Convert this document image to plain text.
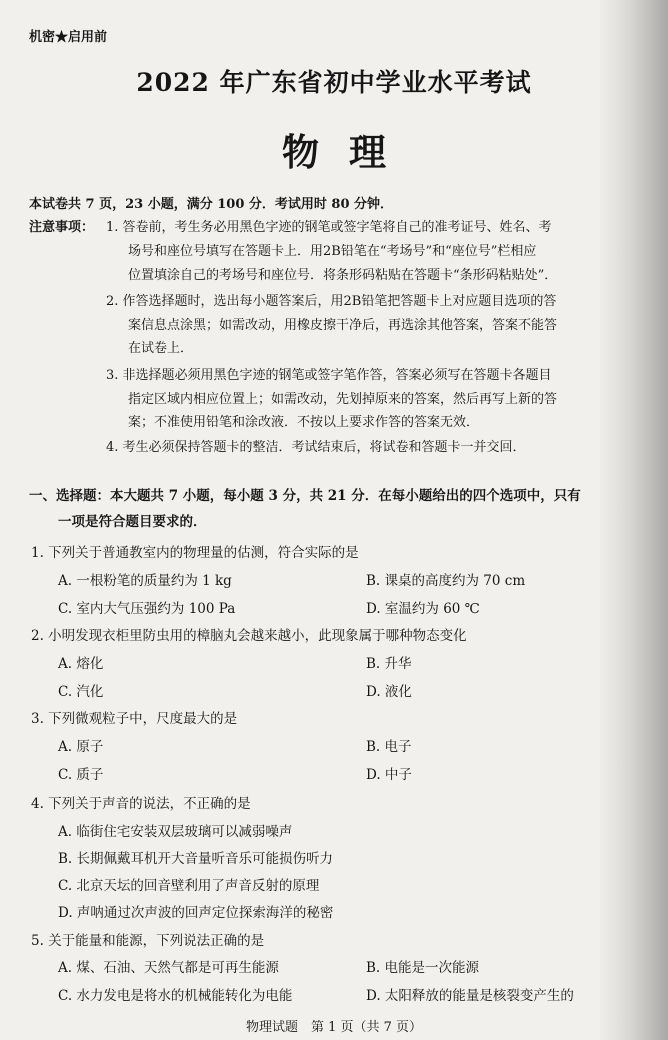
机密★启用前
2022 年广东省初中学业水平考试
物理
本试卷共 7 页，23 小题，满分 100 分．考试用时 80 分钟．
注意事项： 1. 答卷前，考生务必用黑色字迹的钢笔或签字笔将自己的准考证号、姓名、考
场号和座位号填写在答题卡上．用2B铅笔在“考场号”和“座位号”栏相应
位置填涂自己的考场号和座位号．将条形码粘贴在答题卡“条形码粘贴处”．
2. 作答选择题时，选出每小题答案后，用2B铅笔把答题卡上对应题目选项的答
案信息点涂黑；如需改动，用橡皮擦干净后，再选涂其他答案，答案不能答
在试卷上．
3. 非选择题必须用黑色字迹的钢笔或签字笔作答，答案必须写在答题卡各题目
指定区域内相应位置上；如需改动，先划掉原来的答案，然后再写上新的答
案；不准使用铅笔和涂改液．不按以上要求作答的答案无效．
4. 考生必须保持答题卡的整洁．考试结束后，将试卷和答题卡一并交回．
一、选择题：本大题共 7 小题，每小题 3 分，共 21 分．在每小题给出的四个选项中，只有
一项是符合题目要求的．
1. 下列关于普通教室内的物理量的估测，符合实际的是
A. 一根粉笔的质量约为 1 kg	B. 课桌的高度约为 70 cm
C. 室内大气压强约为 100 Pa	D. 室温约为 60 ℃
2. 小明发现衣柜里防虫用的樟脑丸会越来越小，此现象属于哪种物态变化
A. 熔化	B. 升华
C. 汽化	D. 液化
3. 下列微观粒子中，尺度最大的是
A. 原子	B. 电子
C. 质子	D. 中子
4. 下列关于声音的说法，不正确的是
A. 临街住宅安装双层玻璃可以减弱噪声
B. 长期佩戴耳机开大音量听音乐可能损伤听力
C. 北京天坛的回音壁利用了声音反射的原理
D. 声呐通过次声波的回声定位探索海洋的秘密
5. 关于能量和能源，下列说法正确的是
A. 煤、石油、天然气都是可再生能源	B. 电能是一次能源
C. 水力发电是将水的机械能转化为电能	D. 太阳释放的能量是核裂变产生的
物理试题　第 1 页（共 7 页）
